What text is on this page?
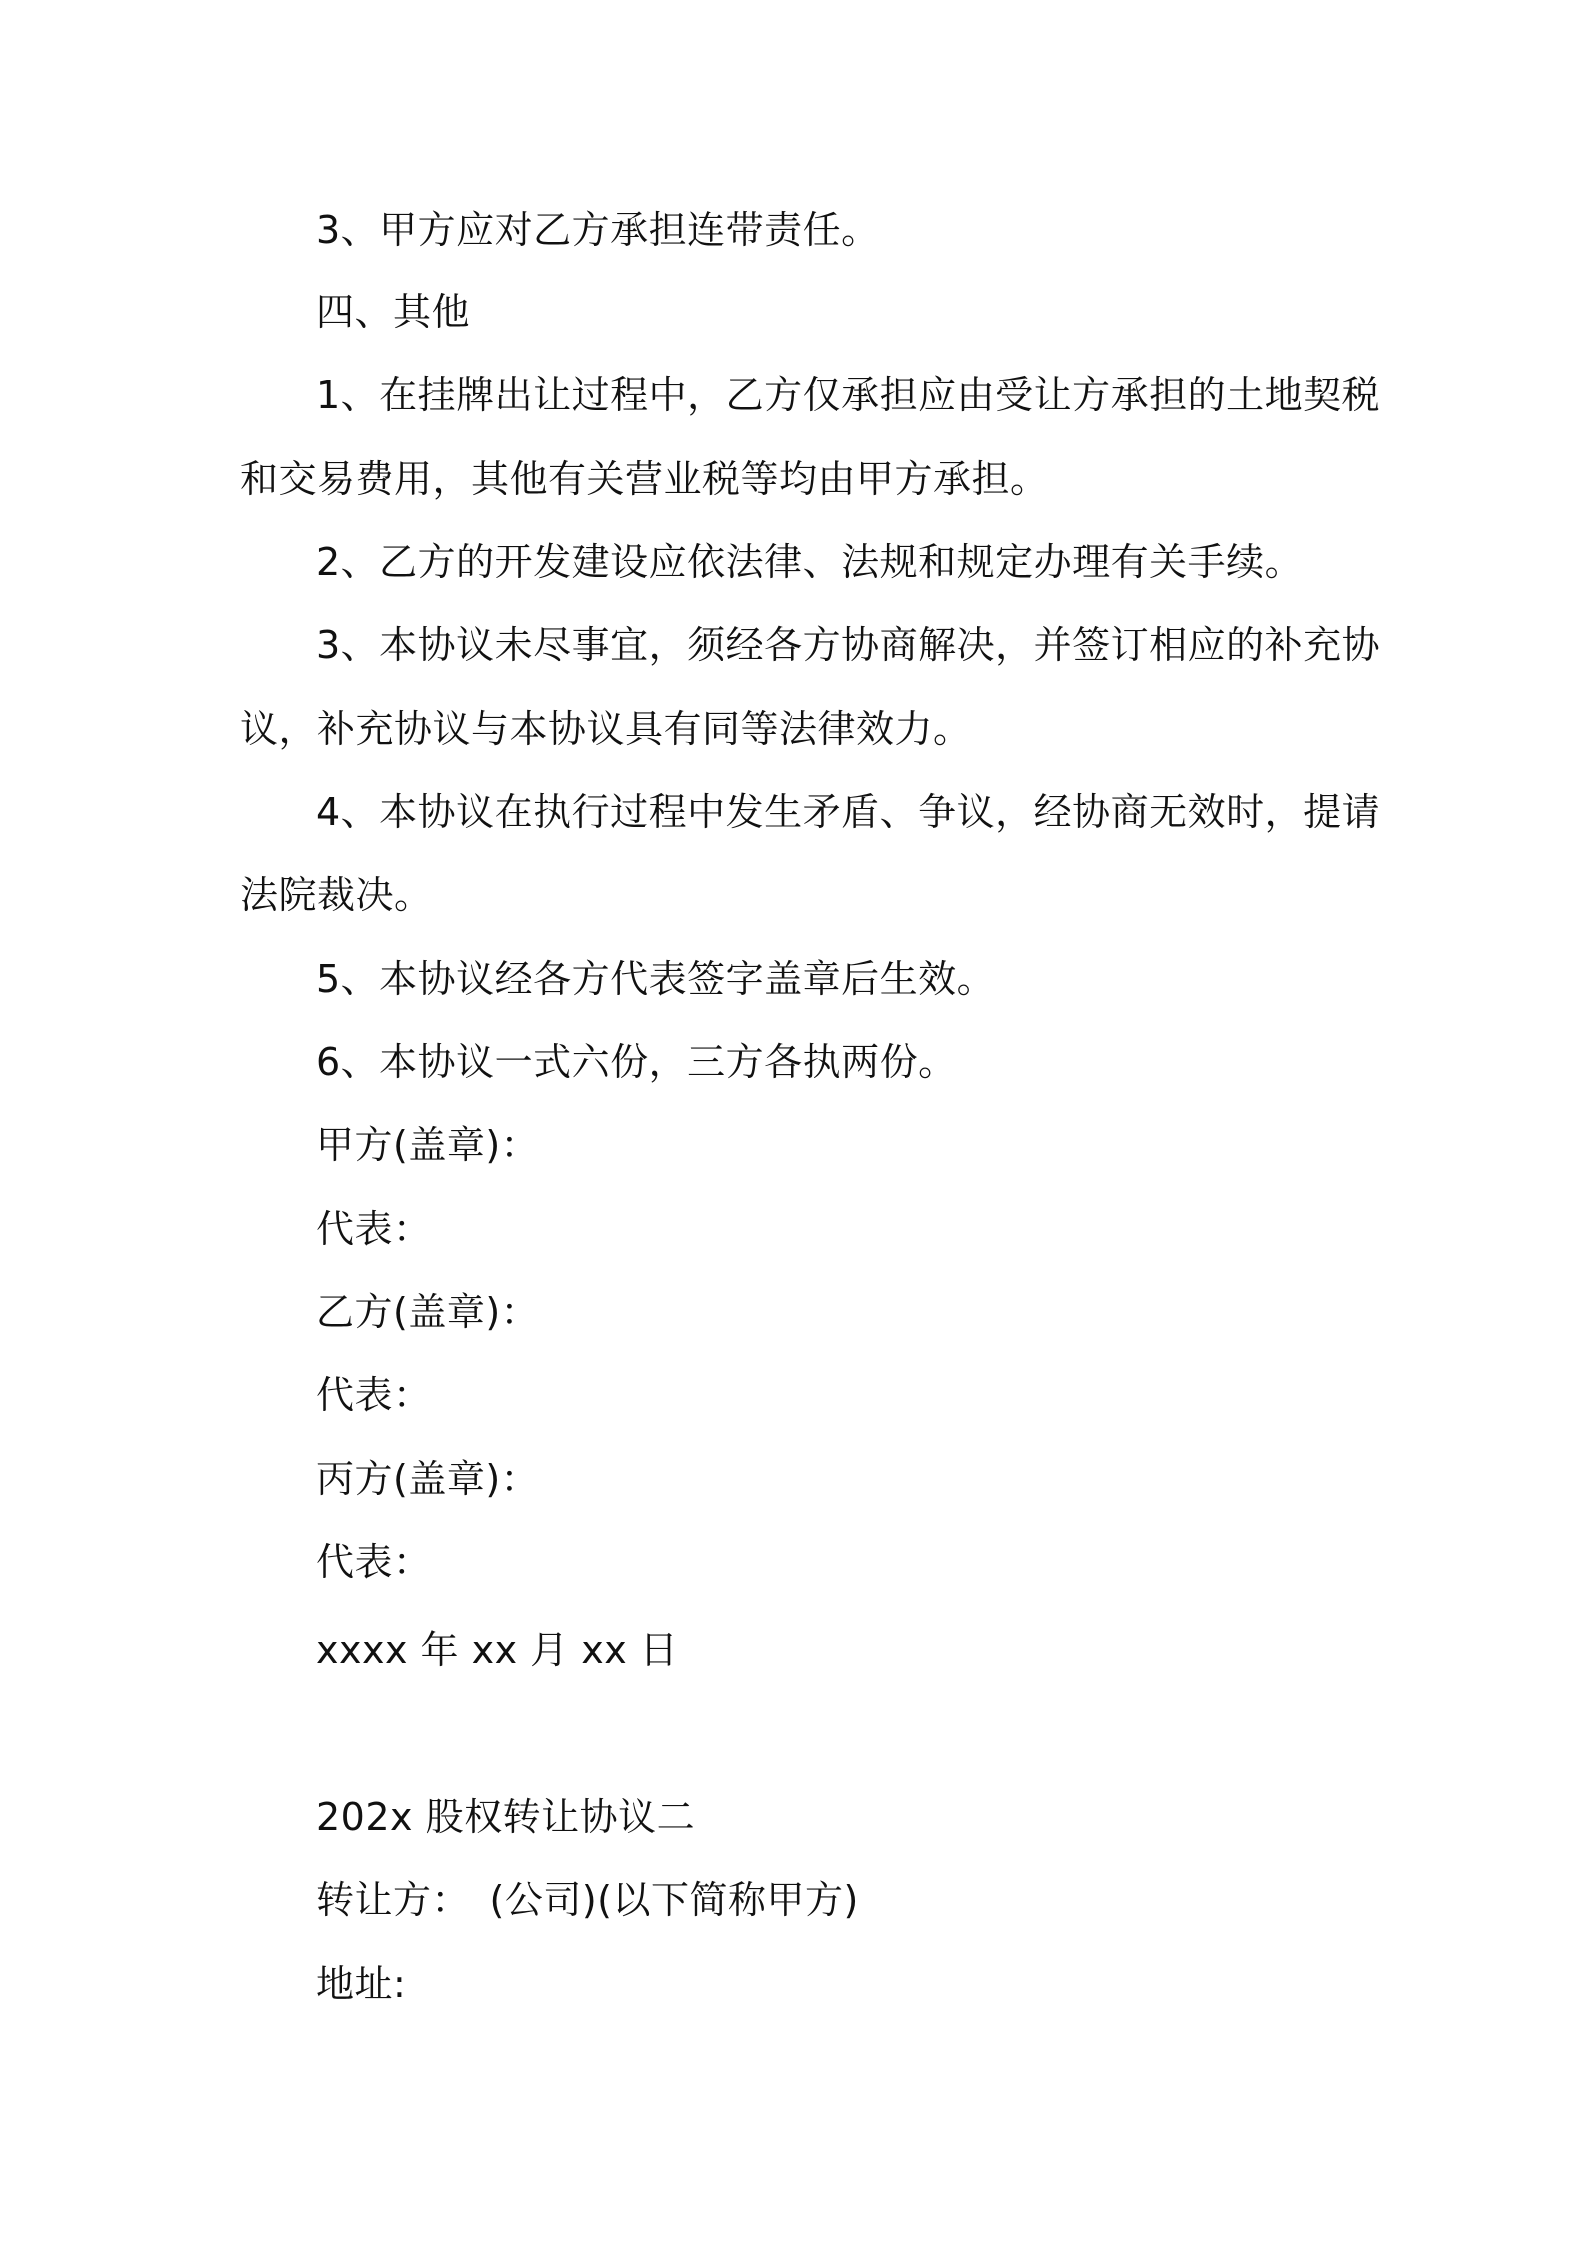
3、甲方应对乙方承担连带责任。
四、其他
1、在挂牌出让过程中，乙方仅承担应由受让方承担的土地契税
和交易费用，其他有关营业税等均由甲方承担。
2、乙方的开发建设应依法律、法规和规定办理有关手续。
3、本协议未尽事宜，须经各方协商解决，并签订相应的补充协
议，补充协议与本协议具有同等法律效力。
4、本协议在执行过程中发生矛盾、争议，经协商无效时，提请
法院裁决。
5、本协议经各方代表签字盖章后生效。
6、本协议一式六份，三方各执两份。
甲方(盖章)：
代表：
乙方(盖章)：
代表：
丙方(盖章)：
代表：
xxxx 年 xx 月 xx 日
202x 股权转让协议二
转让方：　(公司)(以下简称甲方)
地址:
